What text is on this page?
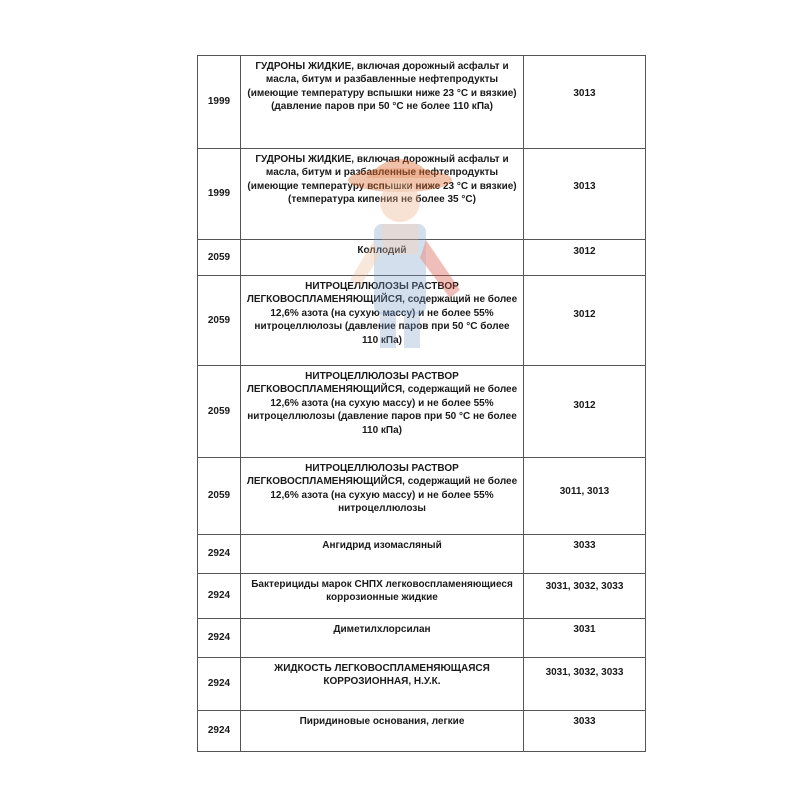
1999	ГУДРОНЫ ЖИДКИЕ, включая дорожный асфальт и масла, битум и разбавленные нефтепродукты (имеющие температуру вспышки ниже 23 °C и вязкие) (давление паров при 50 °C не более 110 кПа)	3013

1999	ГУДРОНЫ ЖИДКИЕ, включая дорожный асфальт и масла, битум и разбавленные нефтепродукты (имеющие температуру вспышки ниже 23 °C и вязкие) (температура кипения не более 35 °C)	3013

2059	Коллодий	3012

2059	НИТРОЦЕЛЛЮЛОЗЫ РАСТВОР ЛЕГКОВОСПЛАМЕНЯЮЩИЙСЯ, содержащий не более 12,6% азота (на сухую массу) и не более 55% нитроцеллюлозы (давление паров при 50 °C более 110 кПа)	3012

2059	НИТРОЦЕЛЛЮЛОЗЫ РАСТВОР ЛЕГКОВОСПЛАМЕНЯЮЩИЙСЯ, содержащий не более 12,6% азота (на сухую массу) и не более 55% нитроцеллюлозы (давление паров при 50 °C не более 110 кПа)	3012

2059	НИТРОЦЕЛЛЮЛОЗЫ РАСТВОР ЛЕГКОВОСПЛАМЕНЯЮЩИЙСЯ, содержащий не более 12,6% азота (на сухую массу) и не более 55% нитроцеллюлозы	3011, 3013

2924	Ангидрид изомасляный	3033

2924	Бактерициды марок СНПХ легковоспламеняющиеся коррозионные жидкие	3031, 3032, 3033

2924	Диметилхлорсилан	3031

2924	ЖИДКОСТЬ ЛЕГКОВОСПЛАМЕНЯЮЩАЯСЯ КОРРОЗИОННАЯ, Н.У.К.	3031, 3032, 3033

2924	Пиридиновые основания, легкие	3033
